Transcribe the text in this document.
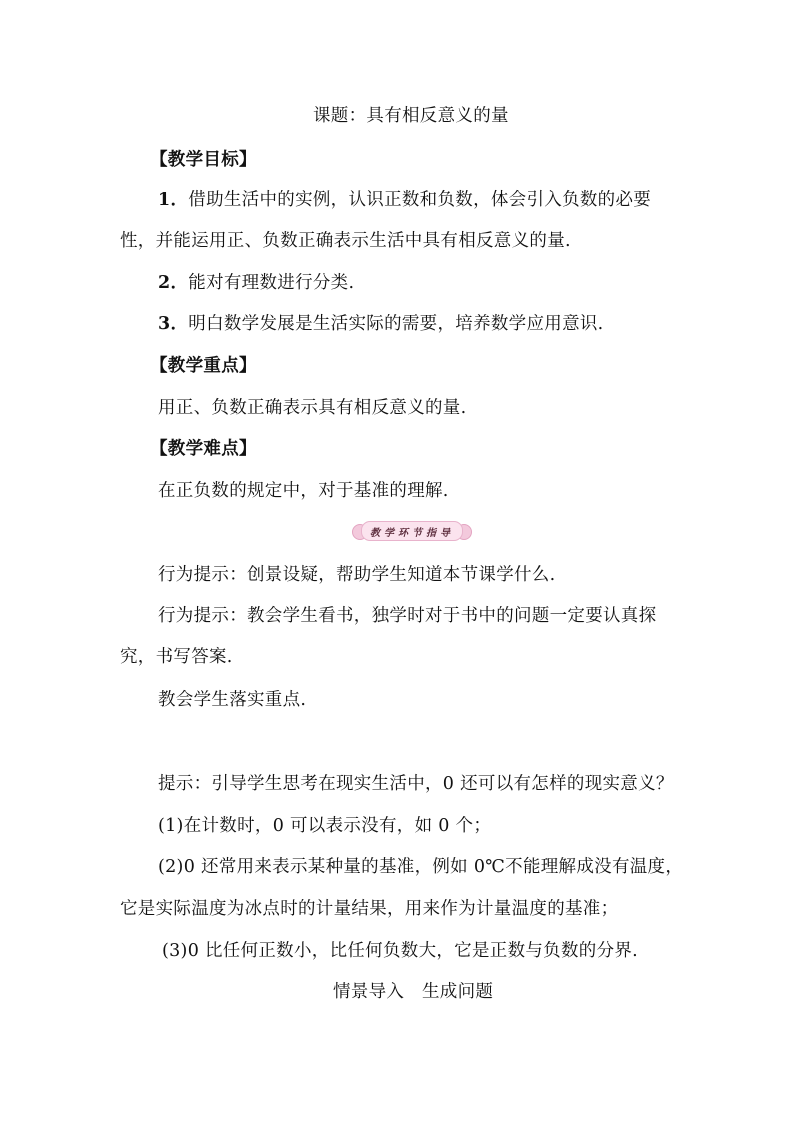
课题：具有相反意义的量
【教学目标】
1．借助生活中的实例，认识正数和负数，体会引入负数的必要
性，并能运用正、负数正确表示生活中具有相反意义的量.
2．能对有理数进行分类.
3．明白数学发展是生活实际的需要，培养数学应用意识.
【教学重点】
用正、负数正确表示具有相反意义的量.
【教学难点】
在正负数的规定中，对于基准的理解.
教学环节指导
行为提示：创景设疑，帮助学生知道本节课学什么.
行为提示：教会学生看书，独学时对于书中的问题一定要认真探
究，书写答案.
教会学生落实重点.
提示：引导学生思考在现实生活中，0 还可以有怎样的现实意义？
(1)在计数时，0 可以表示没有，如 0 个；
(2)0 还常用来表示某种量的基准，例如 0℃不能理解成没有温度，
它是实际温度为冰点时的计量结果，用来作为计量温度的基准；
(3)0 比任何正数小，比任何负数大，它是正数与负数的分界.
情景导入　生成问题
